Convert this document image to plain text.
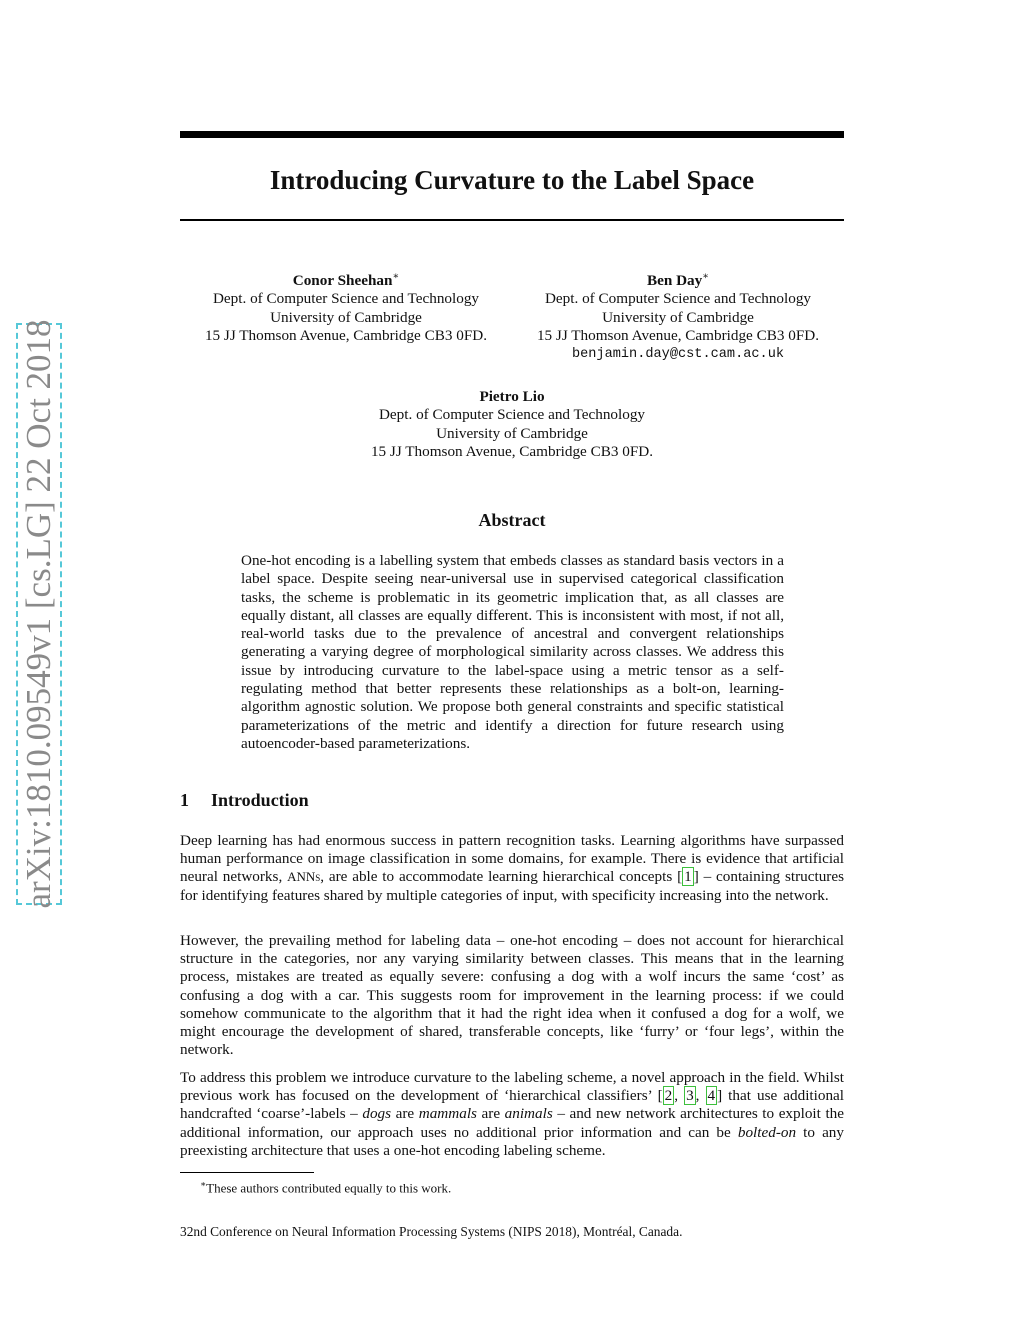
arXiv:1810.09549v1 [cs.LG] 22 Oct 2018
Introducing Curvature to the Label Space
Conor Sheehan∗
Dept. of Computer Science and Technology
University of Cambridge
15 JJ Thomson Avenue, Cambridge CB3 0FD.
Ben Day∗
Dept. of Computer Science and Technology
University of Cambridge
15 JJ Thomson Avenue, Cambridge CB3 0FD.
benjamin.day@cst.cam.ac.uk
Pietro Lio
Dept. of Computer Science and Technology
University of Cambridge
15 JJ Thomson Avenue, Cambridge CB3 0FD.
Abstract

One-hot encoding is a labelling system that embeds classes as standard basis vectors in a label space. Despite seeing near-universal use in supervised categorical classification tasks, the scheme is problematic in its geometric implication that, as all classes are equally distant, all classes are equally different. This is inconsistent with most, if not all, real-world tasks due to the prevalence of ancestral and convergent relationships generating a varying degree of morphological similarity across classes. We address this issue by introducing curvature to the label-space using a metric tensor as a self-regulating method that better represents these relationships as a bolt-on, learning-algorithm agnostic solution. We propose both general constraints and specific statistical parameterizations of the metric and identify a direction for future research using autoencoder-based parameterizations.

1 Introduction

Deep learning has had enormous success in pattern recognition tasks. Learning algorithms have surpassed human performance on image classification in some domains, for example. There is evidence that artificial neural networks, ANNs, are able to accommodate learning hierarchical concepts [ 1 ] – containing structures for identifying features shared by multiple categories of input, with specificity increasing into the network.

However, the prevailing method for labeling data – one-hot encoding – does not account for hierarchical structure in the categories, nor any varying similarity between classes. This means that in the learning process, mistakes are treated as equally severe: confusing a dog with a wolf incurs the same ‘cost’ as confusing a dog with a car. This suggests room for improvement in the learning process: if we could somehow communicate to the algorithm that it had the right idea when it confused a dog for a wolf, we might encourage the development of shared, transferable concepts, like ‘furry’ or ‘four legs’, within the network.

To address this problem we introduce curvature to the labeling scheme, a novel approach in the field. Whilst previous work has focused on the development of ‘hierarchical classifiers’ [ 2 , 3 , 4 ] that use additional handcrafted ‘coarse’-labels – dogs are mammals are animals – and new network architectures to exploit the additional information, our approach uses no additional prior information and can be bolted-on to any preexisting architecture that uses a one-hot encoding labeling scheme.

∗These authors contributed equally to this work.

32nd Conference on Neural Information Processing Systems (NIPS 2018), Montréal, Canada.
